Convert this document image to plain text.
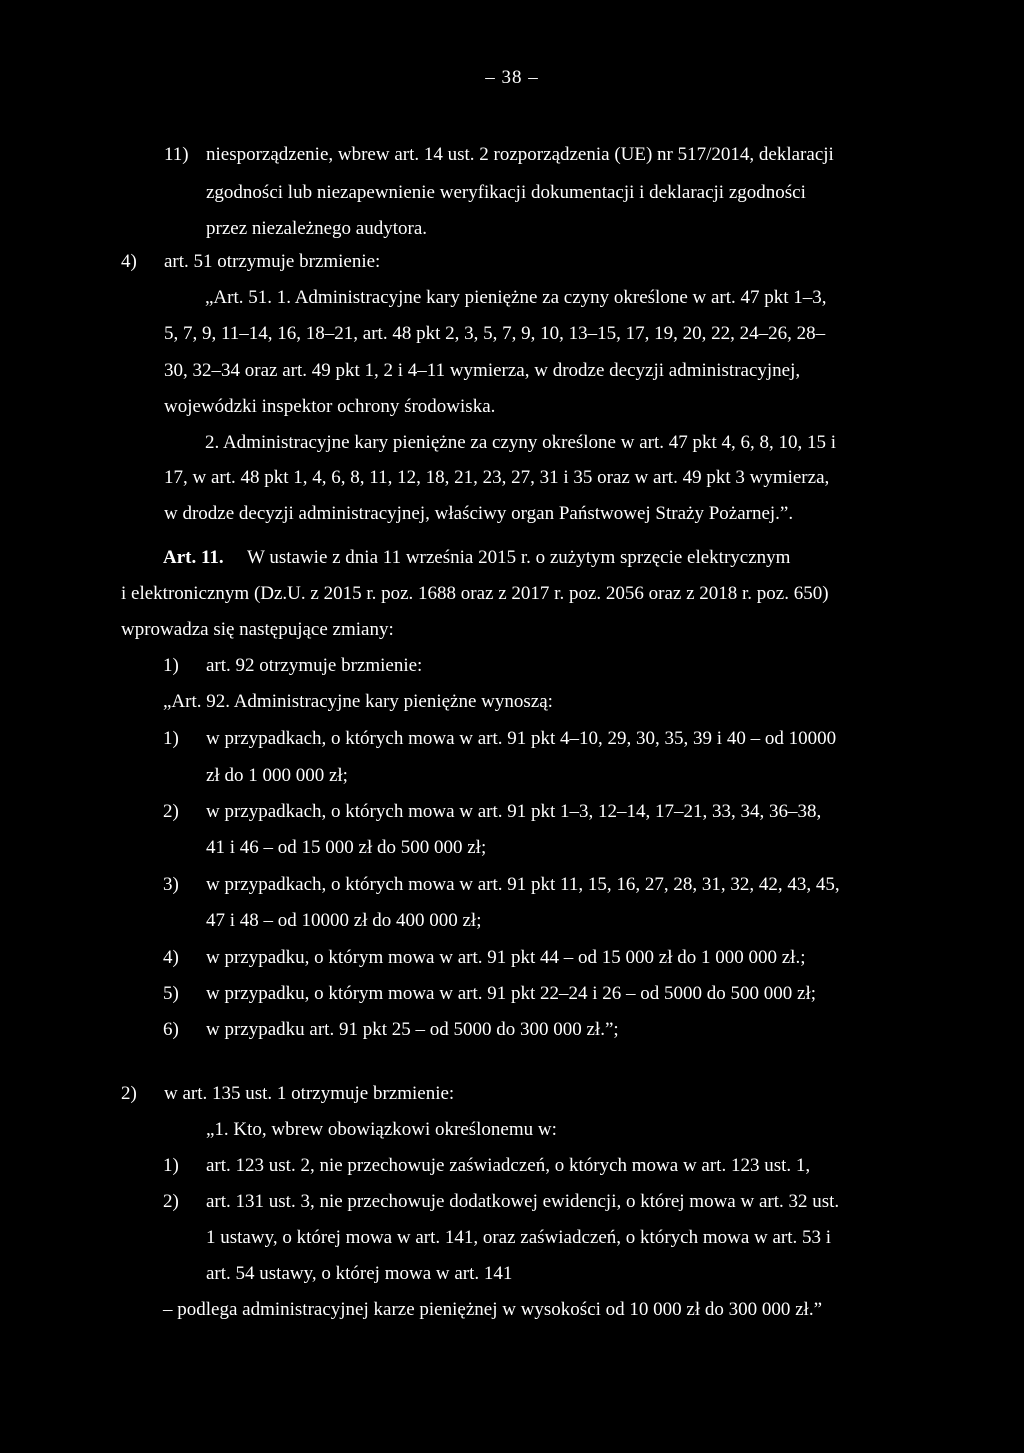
– 38 –
11) niesporządzenie, wbrew art. 14 ust. 2 rozporządzenia (UE) nr 517/2014, deklaracji
zgodności lub niezapewnienie weryfikacji dokumentacji i deklaracji zgodności
przez niezależnego audytora.
4) art. 51 otrzymuje brzmienie:
„Art. 51. 1. Administracyjne kary pieniężne za czyny określone w art. 47 pkt 1–3,
5, 7, 9, 11–14, 16, 18–21, art. 48 pkt 2, 3, 5, 7, 9, 10, 13–15, 17, 19, 20, 22, 24–26, 28–
30, 32–34 oraz art. 49 pkt 1, 2 i 4–11 wymierza, w drodze decyzji administracyjnej,
wojewódzki inspektor ochrony środowiska.
2. Administracyjne kary pieniężne za czyny określone w art. 47 pkt 4, 6, 8, 10, 15 i
17, w art. 48 pkt 1, 4, 6, 8, 11, 12, 18, 21, 23, 27, 31 i 35 oraz w art. 49 pkt 3 wymierza,
w drodze decyzji administracyjnej, właściwy organ Państwowej Straży Pożarnej.”.
Art. 11. W ustawie z dnia 11 września 2015 r. o zużytym sprzęcie elektrycznym
i elektronicznym (Dz.U. z 2015 r. poz. 1688 oraz z 2017 r. poz. 2056 oraz z 2018 r. poz. 650)
wprowadza się następujące zmiany:
1) art. 92 otrzymuje brzmienie:
„Art. 92. Administracyjne kary pieniężne wynoszą:
1) w przypadkach, o których mowa w art. 91 pkt 4–10, 29, 30, 35, 39 i 40 – od 10000
zł do 1 000 000 zł;
2) w przypadkach, o których mowa w art. 91 pkt 1–3, 12–14, 17–21, 33, 34, 36–38,
41 i 46 – od 15 000 zł do 500 000 zł;
3) w przypadkach, o których mowa w art. 91 pkt 11, 15, 16, 27, 28, 31, 32, 42, 43, 45,
47 i 48 – od 10000 zł do 400 000 zł;
4) w przypadku, o którym mowa w art. 91 pkt 44 – od 15 000 zł do 1 000 000 zł.;
5) w przypadku, o którym mowa w art. 91 pkt 22–24 i 26 – od 5000 do 500 000 zł;
6) w przypadku art. 91 pkt 25 – od 5000 do 300 000 zł.”;
2) w art. 135 ust. 1 otrzymuje brzmienie:
„1. Kto, wbrew obowiązkowi określonemu w:
1) art. 123 ust. 2, nie przechowuje zaświadczeń, o których mowa w art. 123 ust. 1,
2) art. 131 ust. 3, nie przechowuje dodatkowej ewidencji, o której mowa w art. 32 ust.
1 ustawy, o której mowa w art. 141, oraz zaświadczeń, o których mowa w art. 53 i
art. 54 ustawy, o której mowa w art. 141
– podlega administracyjnej karze pieniężnej w wysokości od 10 000 zł do 300 000 zł.”
